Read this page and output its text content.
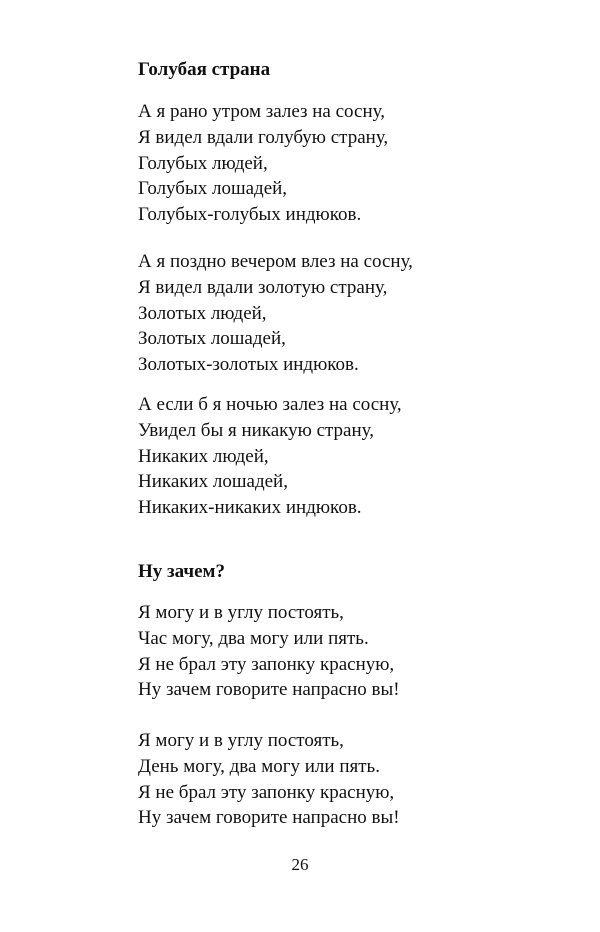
Голубая страна
А я рано утром залез на сосну,
Я видел вдали голубую страну,
Голубых людей,
Голубых лошадей,
Голубых-голубых индюков.
А я поздно вечером влез на сосну,
Я видел вдали золотую страну,
Золотых людей,
Золотых лошадей,
Золотых-золотых индюков.
А если б я ночью залез на сосну,
Увидел бы я никакую страну,
Никаких людей,
Никаких лошадей,
Никаких-никаких индюков.
Ну зачем?
Я могу и в углу постоять,
Час могу, два могу или пять.
Я не брал эту запонку красную,
Ну зачем говорите напрасно вы!
Я могу и в углу постоять,
День могу, два могу или пять.
Я не брал эту запонку красную,
Ну зачем говорите напрасно вы!
26
